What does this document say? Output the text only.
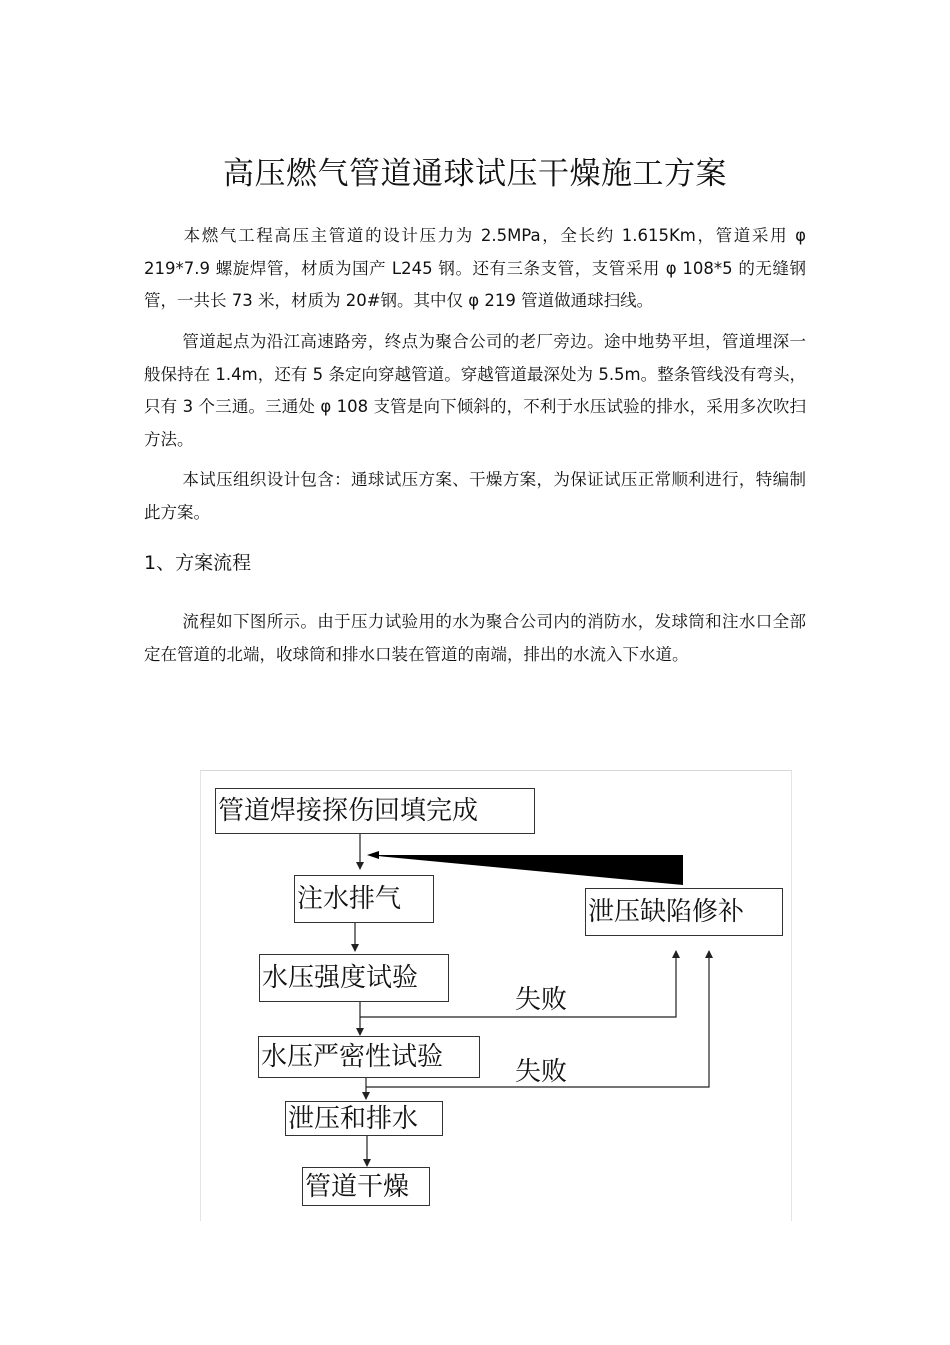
高压燃气管道通球试压干燥施工方案

本燃气工程高压主管道的设计压力为 2.5MPa，全长约 1.615Km，管道采用 φ 219*7.9 螺旋焊管，材质为国产 L245 钢。还有三条支管，支管采用 φ 108*5 的无缝钢管，一共长 73 米，材质为 20#钢。其中仅 φ 219 管道做通球扫线。

管道起点为沿江高速路旁，终点为聚合公司的老厂旁边。途中地势平坦，管道埋深一般保持在 1.4m，还有 5 条定向穿越管道。穿越管道最深处为 5.5m。整条管线没有弯头，只有 3 个三通。三通处 φ 108 支管是向下倾斜的，不利于水压试验的排水，采用多次吹扫方法。

本试压组织设计包含：通球试压方案、干燥方案，为保证试压正常顺利进行，特编制此方案。

1、方案流程

流程如下图所示。由于压力试验用的水为聚合公司内的消防水，发球筒和注水口全部定在管道的北端，收球筒和排水口装在管道的南端，排出的水流入下水道。

管道焊接探伤回填完成
注水排气	泄压缺陷修补
水压强度试验
失败
水压严密性试验	失败
泄压和排水
管道干燥
